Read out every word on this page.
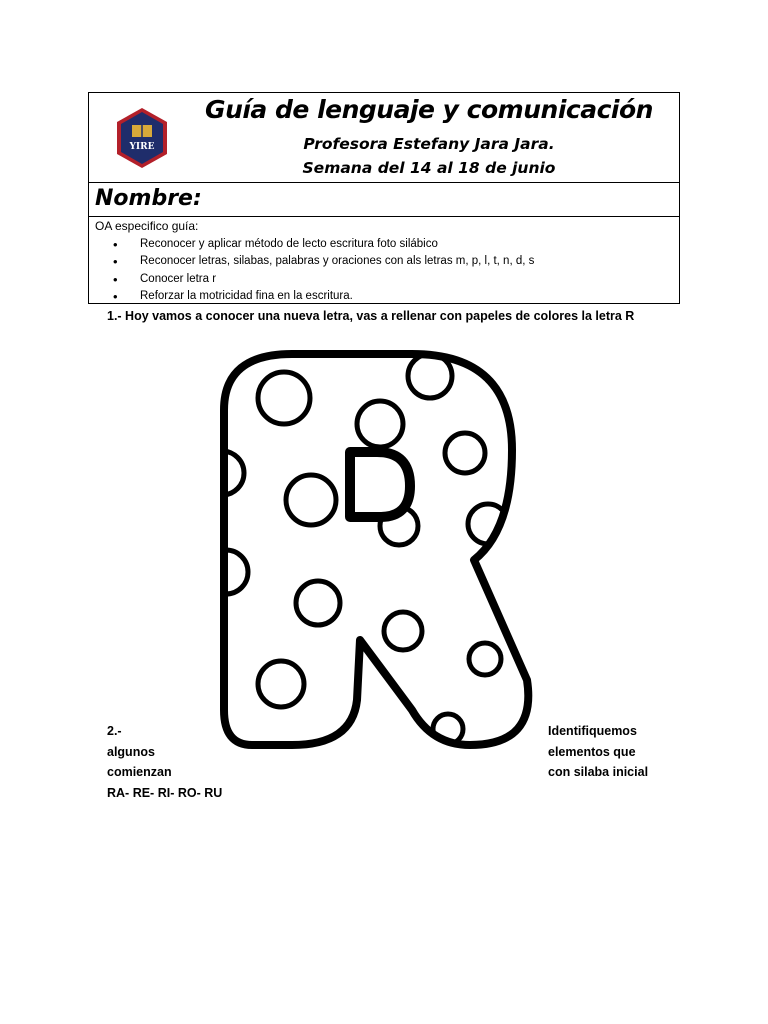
YIRE
Guía de lenguaje y comunicación
Profesora Estefany Jara Jara.
Semana del 14 al 18 de junio
Nombre:
OA especifico guía:
• Reconocer y aplicar método de lecto escritura foto silábico
• Reconocer letras, silabas, palabras y oraciones con als letras m, p, l, t, n, d, s
• Conocer letra r
• Reforzar la motricidad fina en la escritura.
1.- Hoy vamos a conocer una nueva letra, vas a rellenar con papeles de colores la letra R
2.-
algunos
comienzan
RA- RE- RI- RO- RU
Identifiquemos
elementos que
con silaba inicial
